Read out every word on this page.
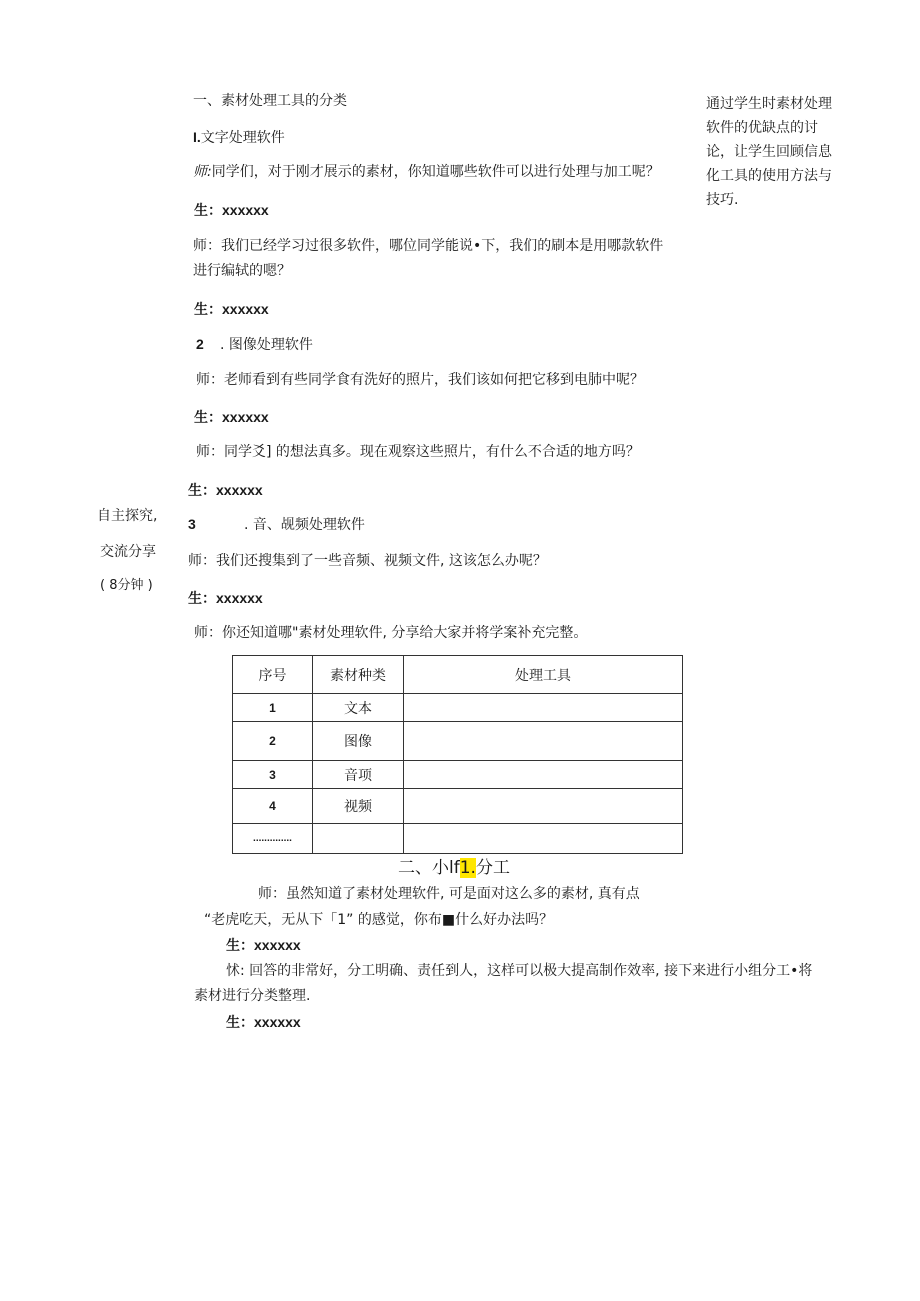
一、素材处理工具的分类
I.文字处理软件
师:同学们，对于刚才展示的素材，你知道哪些软件可以进行处理与加工呢？
生：xxxxxx
师：我们已经学习过很多软件，哪位同学能说•下，我们的刷本是用哪款软件
进行编轼的嗯？
生：xxxxxx
2 . 图像处理软件
师：老师看到有些同学食有洗好的照片，我们该如何把它移到电肺中呢？
生：xxxxxx
师：同学爻] 的想法真多。现在观察这些照片，有什么不合适的地方吗？
生：xxxxxx
自主探究,
交流分享
( 8分钟 )
3	. 音、觇频处理软件
师：我们还搜集到了一些音频、视频文件, 这该怎么办呢？
生：xxxxxx
师：你还知道哪"素材处理软件, 分享给大家并将学案补充完整。
通过学生时素材处理软件的优缺点的讨论，让学生回顾信息化工具的使用方法与技巧.
序号	素材种类	处理工具
1	文本	
2	图像	
3	音项	
4	视频	
..............		
二、小lf1.分工
师：虽然知道了素材处理软件, 可是面对这么多的素材, 真有点
“老虎吃天，无从下「1” 的感觉，你布■什么好办法吗？
生：xxxxxx
怵: 回答的非常好，分工明确、责任到人，这样可以极大提高制作效率, 接下来进行小组分工•将
素材进行分类整理.
生：xxxxxx
